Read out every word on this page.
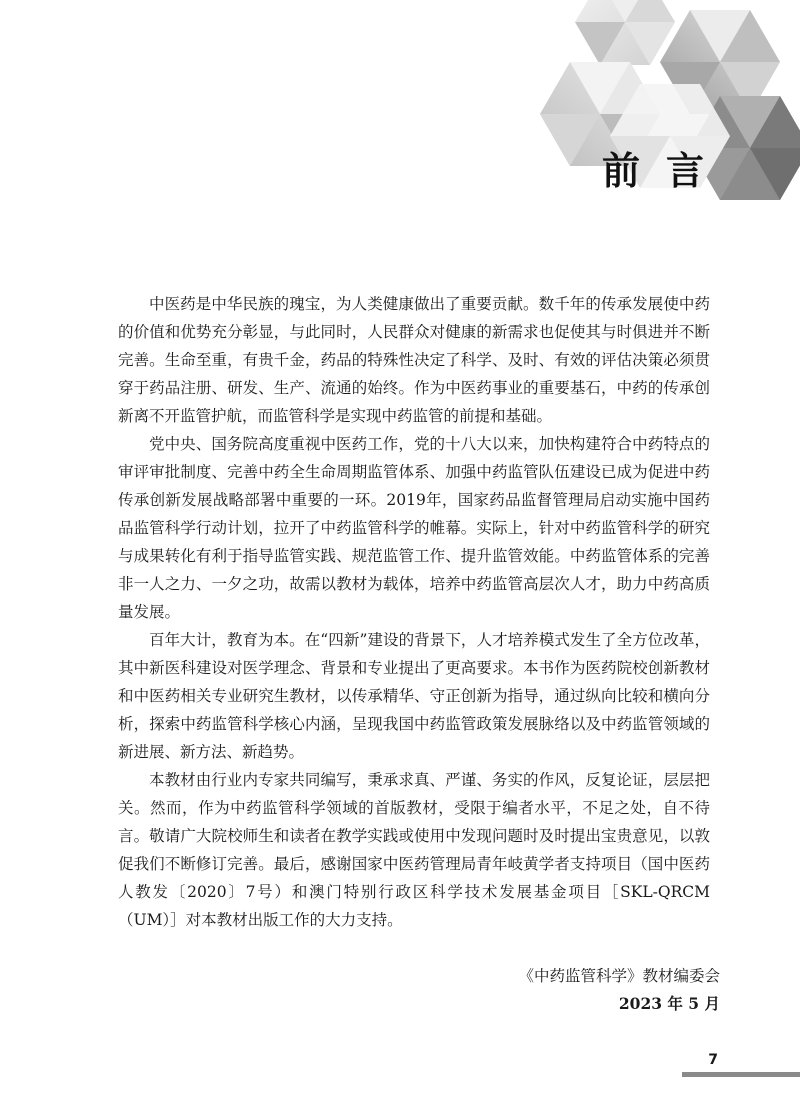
前言

中医药是中华民族的瑰宝，为人类健康做出了重要贡献。数千年的传承发展使中药的价值和优势充分彰显，与此同时，人民群众对健康的新需求也促使其与时俱进并不断完善。生命至重，有贵千金，药品的特殊性决定了科学、及时、有效的评估决策必须贯穿于药品注册、研发、生产、流通的始终。作为中医药事业的重要基石，中药的传承创新离不开监管护航，而监管科学是实现中药监管的前提和基础。

党中央、国务院高度重视中医药工作，党的十八大以来，加快构建符合中药特点的审评审批制度、完善中药全生命周期监管体系、加强中药监管队伍建设已成为促进中药传承创新发展战略部署中重要的一环。2019年，国家药品监督管理局启动实施中国药品监管科学行动计划，拉开了中药监管科学的帷幕。实际上，针对中药监管科学的研究与成果转化有利于指导监管实践、规范监管工作、提升监管效能。中药监管体系的完善非一人之力、一夕之功，故需以教材为载体，培养中药监管高层次人才，助力中药高质量发展。

百年大计，教育为本。在“四新”建设的背景下，人才培养模式发生了全方位改革，其中新医科建设对医学理念、背景和专业提出了更高要求。本书作为医药院校创新教材和中医药相关专业研究生教材，以传承精华、守正创新为指导，通过纵向比较和横向分析，探索中药监管科学核心内涵，呈现我国中药监管政策发展脉络以及中药监管领域的新进展、新方法、新趋势。

本教材由行业内专家共同编写，秉承求真、严谨、务实的作风，反复论证，层层把关。然而，作为中药监管科学领域的首版教材，受限于编者水平，不足之处，自不待言。敬请广大院校师生和读者在教学实践或使用中发现问题时及时提出宝贵意见，以敦促我们不断修订完善。最后，感谢国家中医药管理局青年岐黄学者支持项目（国中医药人教发〔2020〕7号）和澳门特别行政区科学技术发展基金项目［SKL-QRCM（UM）］对本教材出版工作的大力支持。

《中药监管科学》教材编委会
2023 年 5 月
7
